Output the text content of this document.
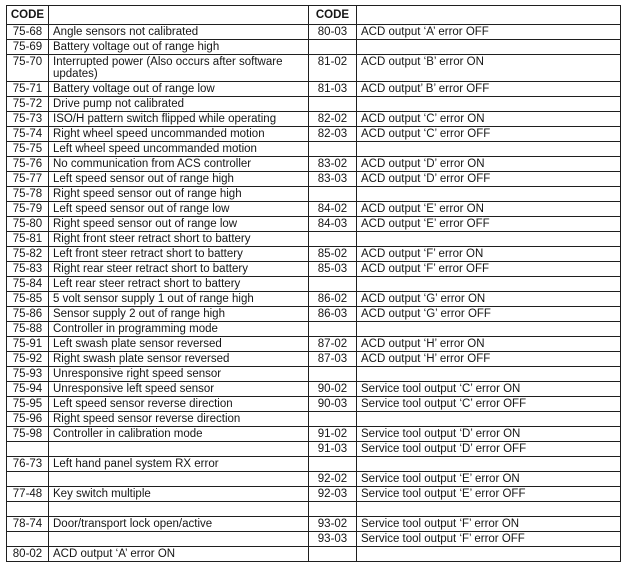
CODE		CODE	
75-68	Angle sensors not calibrated	80-03	ACD output ‘A’ error OFF
75-69	Battery voltage out of range high		
75-70	Interrupted power (Also occurs after software updates)	81-02	ACD output ‘B’ error ON
75-71	Battery voltage out of range low	81-03	ACD output’ B’ error OFF
75-72	Drive pump not calibrated		
75-73	ISO/H pattern switch flipped while operating	82-02	ACD output ‘C’ error ON
75-74	Right wheel speed uncommanded motion	82-03	ACD output ‘C’ error OFF
75-75	Left wheel speed uncommanded motion		
75-76	No communication from ACS controller	83-02	ACD output ‘D’ error ON
75-77	Left speed sensor out of range high	83-03	ACD output ‘D’ error OFF
75-78	Right speed sensor out of range high		
75-79	Left speed sensor out of range low	84-02	ACD output ‘E’ error ON
75-80	Right speed sensor out of range low	84-03	ACD output ‘E’ error OFF
75-81	Right front steer retract short to battery		
75-82	Left front steer retract short to battery	85-02	ACD output ‘F’ error ON
75-83	Right rear steer retract short to battery	85-03	ACD output ‘F’ error OFF
75-84	Left rear steer retract short to battery		
75-85	5 volt sensor supply 1 out of range high	86-02	ACD output ‘G’ error ON
75-86	Sensor supply 2 out of range high	86-03	ACD output ‘G’ error OFF
75-88	Controller in programming mode		
75-91	Left swash plate sensor reversed	87-02	ACD output ‘H’ error ON
75-92	Right swash plate sensor reversed	87-03	ACD output ‘H’ error OFF
75-93	Unresponsive right speed sensor		
75-94	Unresponsive left speed sensor	90-02	Service tool output ‘C’ error ON
75-95	Left speed sensor reverse direction	90-03	Service tool output ‘C’ error OFF
75-96	Right speed sensor reverse direction		
75-98	Controller in calibration mode	91-02	Service tool output ‘D’ error ON
		91-03	Service tool output ‘D’ error OFF
76-73	Left hand panel system RX error		
		92-02	Service tool output ‘E’ error ON
77-48	Key switch multiple	92-03	Service tool output ‘E’ error OFF

78-74	Door/transport lock open/active	93-02	Service tool output ‘F’ error ON
		93-03	Service tool output ‘F’ error OFF
80-02	ACD output ‘A’ error ON		
